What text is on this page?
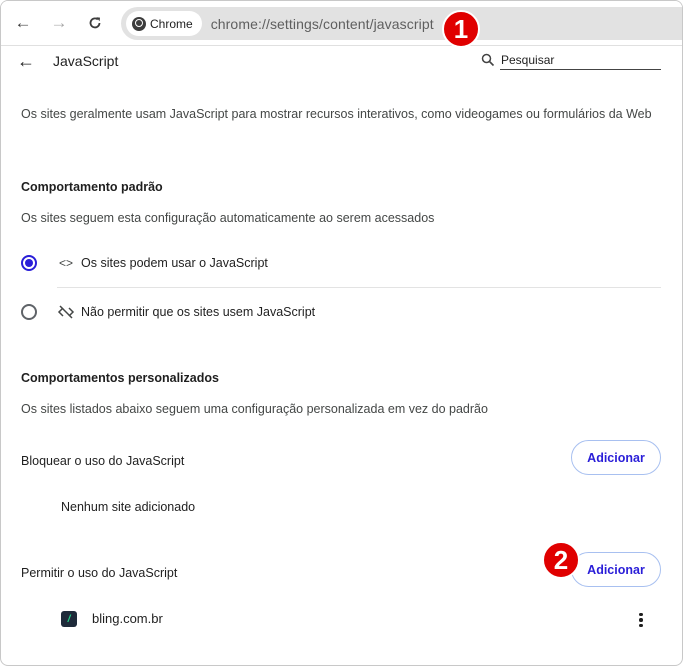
← →	Chrome chrome://settings/content/javascript 1
← JavaScript
Pesquisar
Os sites geralmente usam JavaScript para mostrar recursos interativos, como videogames ou formulários da Web
Comportamento padrão
Os sites seguem esta configuração automaticamente ao serem acessados
<> Os sites podem usar o JavaScript
Não permitir que os sites usem JavaScript
Comportamentos personalizados
Os sites listados abaixo seguem uma configuração personalizada em vez do padrão
Bloquear o uso do JavaScript	Adicionar
Nenhum site adicionado
Permitir o uso do JavaScript	Adicionar
2
/	bling.com.br
